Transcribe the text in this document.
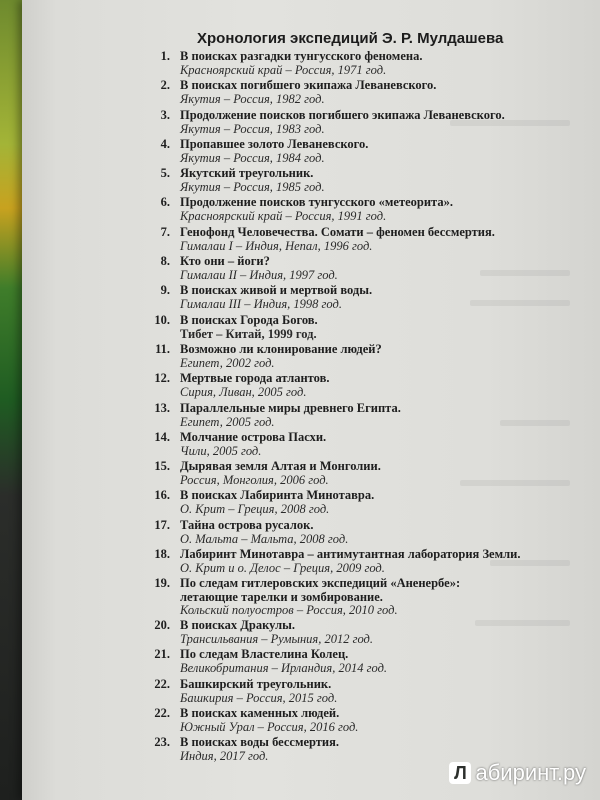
Хронология экспедиций Э. Р. Мулдашева
1. В поисках разгадки тунгусского феномена.
Красноярский край – Россия, 1971 год.
2. В поисках погибшего экипажа Леваневского.
Якутия – Россия, 1982 год.
3. Продолжение поисков погибшего экипажа Леваневского.
Якутия – Россия, 1983 год.
4. Пропавшее золото Леваневского.
Якутия – Россия, 1984 год.
5. Якутский треугольник.
Якутия – Россия, 1985 год.
6. Продолжение поисков тунгусского «метеорита».
Красноярский край – Россия, 1991 год.
7. Генофонд Человечества. Сомати – феномен бессмертия.
Гималаи I – Индия, Непал, 1996 год.
8. Кто они – йоги?
Гималаи II – Индия, 1997 год.
9. В поисках живой и мертвой воды.
Гималаи III – Индия, 1998 год.
10. В поисках Города Богов.
Тибет – Китай, 1999 год.
11. Возможно ли клонирование людей?
Египет, 2002 год.
12. Мертвые города атлантов.
Сирия, Ливан, 2005 год.
13. Параллельные миры древнего Египта.
Египет, 2005 год.
14. Молчание острова Пасхи.
Чили, 2005 год.
15. Дырявая земля Алтая и Монголии.
Россия, Монголия, 2006 год.
16. В поисках Лабиринта Минотавра.
О. Крит – Греция, 2008 год.
17. Тайна острова русалок.
О. Мальта – Мальта, 2008 год.
18. Лабиринт Минотавра – антимутантная лаборатория Земли.
О. Крит и о. Делос – Греция, 2009 год.
19. По следам гитлеровских экспедиций «Аненербе»:
летающие тарелки и зомбирование.
Кольский полуостров – Россия, 2010 год.
20. В поисках Дракулы.
Трансильвания – Румыния, 2012 год.
21. По следам Властелина Колец.
Великобритания – Ирландия, 2014 год.
22. Башкирский треугольник.
Башкирия – Россия, 2015 год.
22. В поисках каменных людей.
Южный Урал – Россия, 2016 год.
23. В поисках воды бессмертия.
Индия, 2017 год.
Л абиринт.ру
